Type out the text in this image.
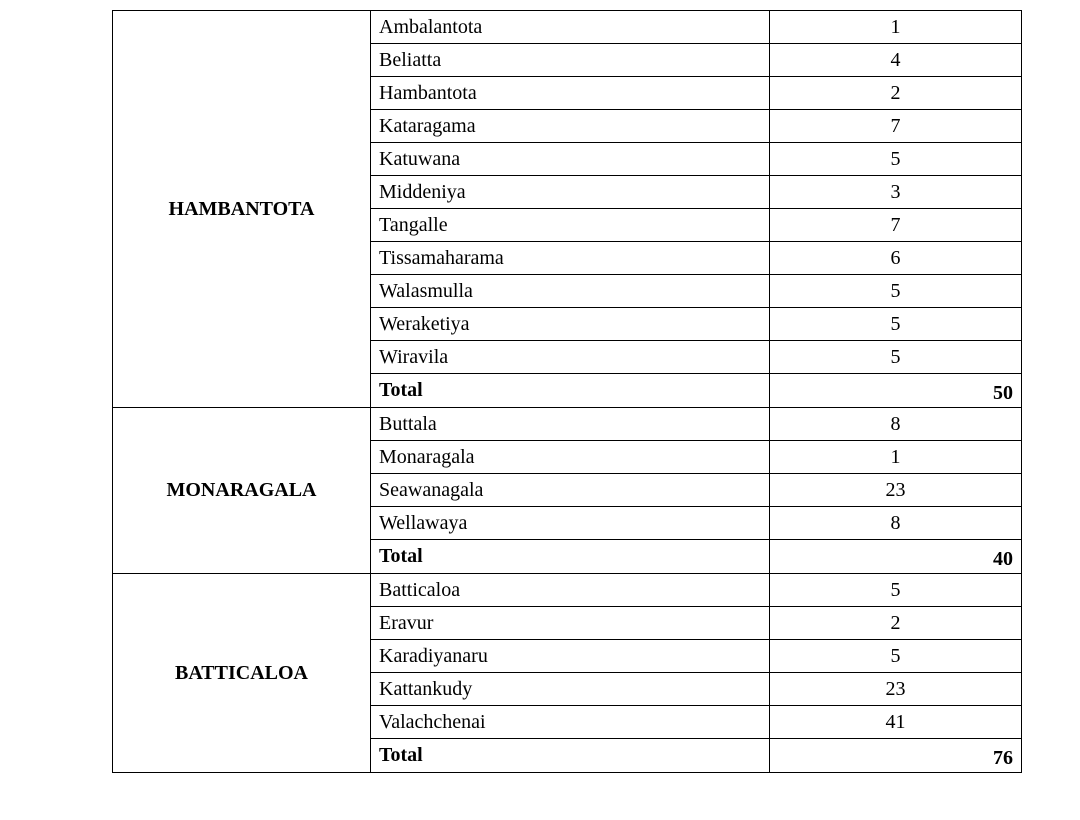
HAMBANTOTA	Ambalantota	1
	Beliatta	4
	Hambantota	2
	Kataragama	7
	Katuwana	5
	Middeniya	3
	Tangalle	7
	Tissamaharama	6
	Walasmulla	5
	Weraketiya	5
	Wiravila	5
	Total	50
MONARAGALA	Buttala	8
	Monaragala	1
	Seawanagala	23
	Wellawaya	8
	Total	40
BATTICALOA	Batticaloa	5
	Eravur	2
	Karadiyanaru	5
	Kattankudy	23
	Valachchenai	41
	Total	76
